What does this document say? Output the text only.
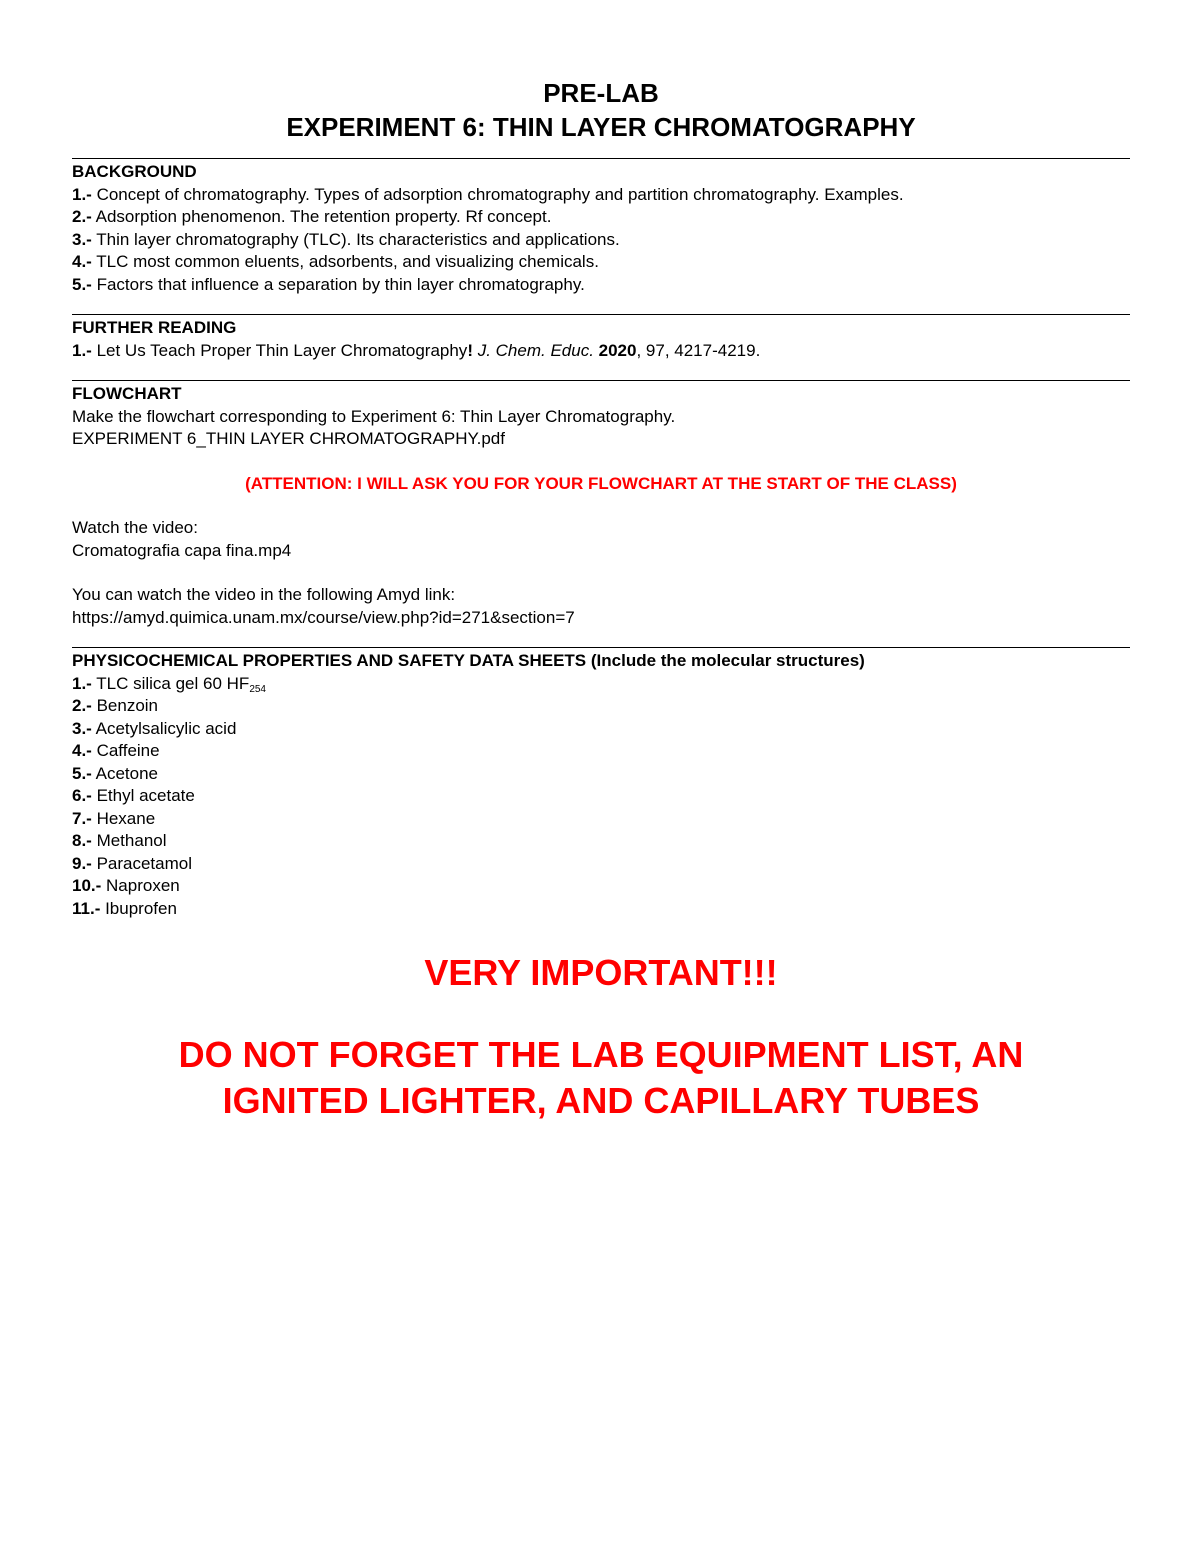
PRE-LAB

EXPERIMENT 6: THIN LAYER CHROMATOGRAPHY

BACKGROUND

1.- Concept of chromatography. Types of adsorption chromatography and partition chromatography. Examples.

2.- Adsorption phenomenon. The retention property. Rf concept.

3.- Thin layer chromatography (TLC). Its characteristics and applications.

4.- TLC most common eluents, adsorbents, and visualizing chemicals.

5.- Factors that influence a separation by thin layer chromatography.

FURTHER READING

1.- Let Us Teach Proper Thin Layer Chromatography! J. Chem. Educ. 2020, 97, 4217-4219.

FLOWCHART

Make the flowchart corresponding to Experiment 6: Thin Layer Chromatography.

EXPERIMENT 6_THIN LAYER CHROMATOGRAPHY.pdf

(ATTENTION: I WILL ASK YOU FOR YOUR FLOWCHART AT THE START OF THE CLASS)

Watch the video:

Cromatografia capa fina.mp4

You can watch the video in the following Amyd link:

https://amyd.quimica.unam.mx/course/view.php?id=271&section=7

PHYSICOCHEMICAL PROPERTIES AND SAFETY DATA SHEETS (Include the molecular structures)

1.- TLC silica gel 60 $HF_{254}$

2.- Benzoin

3.- Acetylsalicylic acid

4.- Caffeine

5.- Acetone

6.- Ethyl acetate

7.- Hexane

8.- Methanol

9.- Paracetamol

10.- Naproxen

11.- Ibuprofen

VERY IMPORTANT!!!

DO NOT FORGET THE LAB EQUIPMENT LIST, AN

IGNITED LIGHTER, AND CAPILLARY TUBES
